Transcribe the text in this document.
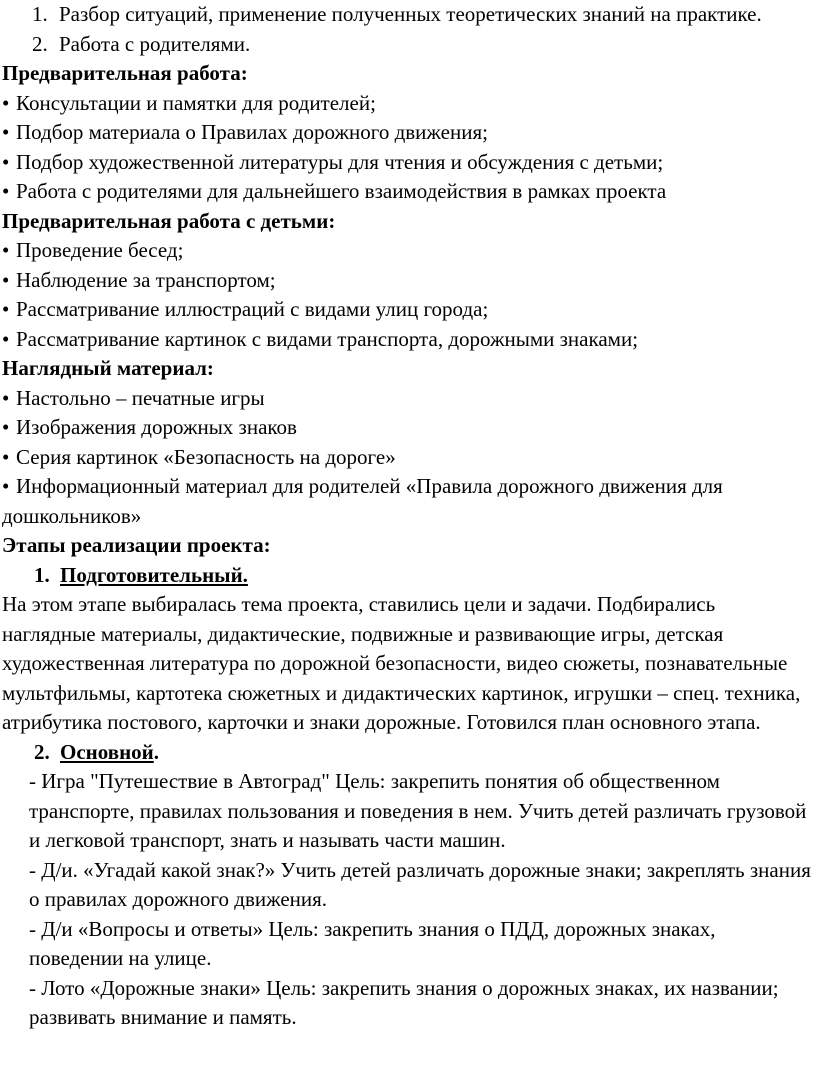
1. Разбор ситуаций, применение полученных теоретических знаний на практике.
2. Работа с родителями.
Предварительная работа:
• Консультации и памятки для родителей;
• Подбор материала о Правилах дорожного движения;
• Подбор художественной литературы для чтения и обсуждения с детьми;
• Работа с родителями для дальнейшего взаимодействия в рамках проекта
Предварительная работа с детьми:
• Проведение бесед;
• Наблюдение за транспортом;
• Рассматривание иллюстраций с видами улиц города;
• Рассматривание картинок с видами транспорта, дорожными знаками;
Наглядный материал:
• Настольно – печатные игры
• Изображения дорожных знаков
• Серия картинок «Безопасность на дороге»
• Информационный материал для родителей «Правила дорожного движения для дошкольников»
Этапы реализации проекта:
1. Подготовительный.
На этом этапе выбиралась тема проекта, ставились цели и задачи. Подбирались наглядные материалы, дидактические, подвижные и развивающие игры, детская художественная литература по дорожной безопасности, видео сюжеты, познавательные мультфильмы, картотека сюжетных и дидактических картинок, игрушки – спец. техника, атрибутика постового, карточки и знаки дорожные. Готовился план основного этапа.
2. Основной.
- Игра "Путешествие в Автоград" Цель: закрепить понятия об общественном транспорте, правилах пользования и поведения в нем. Учить детей различать грузовой и легковой транспорт, знать и называть части машин.
- Д/и. «Угадай какой знак?» Учить детей различать дорожные знаки; закреплять знания о правилах дорожного движения.
- Д/и «Вопросы и ответы» Цель: закрепить знания о ПДД, дорожных знаках, поведении на улице.
- Лото «Дорожные знаки» Цель: закрепить знания о дорожных знаках, их названии; развивать внимание и память.
